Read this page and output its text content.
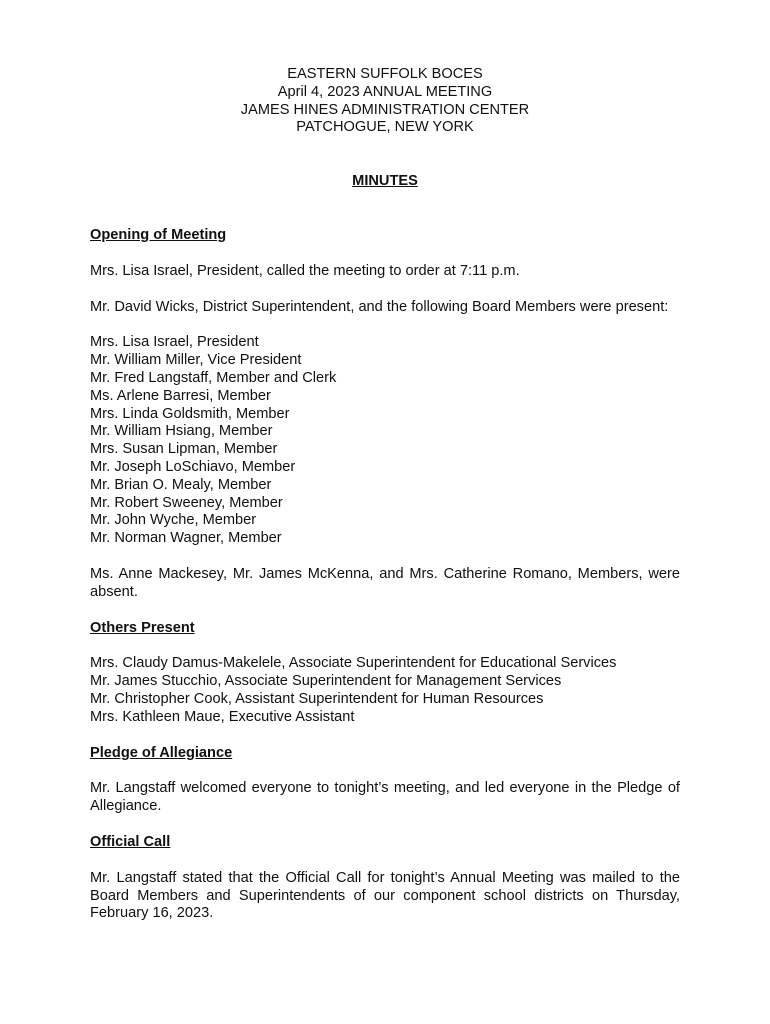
EASTERN SUFFOLK BOCES
April 4, 2023 ANNUAL MEETING
JAMES HINES ADMINISTRATION CENTER
PATCHOGUE, NEW YORK
MINUTES
Opening of Meeting

Mrs. Lisa Israel, President, called the meeting to order at 7:11 p.m.

Mr. David Wicks, District Superintendent, and the following Board Members were present:

Mrs. Lisa Israel, President
Mr. William Miller, Vice President
Mr. Fred Langstaff, Member and Clerk
Ms. Arlene Barresi, Member
Mrs. Linda Goldsmith, Member
Mr. William Hsiang, Member
Mrs. Susan Lipman, Member
Mr. Joseph LoSchiavo, Member
Mr. Brian O. Mealy, Member
Mr. Robert Sweeney, Member
Mr. John Wyche, Member
Mr. Norman Wagner, Member

Ms. Anne Mackesey, Mr. James McKenna, and Mrs. Catherine Romano, Members, were absent.

Others Present
Mrs. Claudy Damus-Makelele, Associate Superintendent for Educational Services
Mr. James Stucchio, Associate Superintendent for Management Services
Mr. Christopher Cook, Assistant Superintendent for Human Resources
Mrs. Kathleen Maue, Executive Assistant
Pledge of Allegiance

Mr. Langstaff welcomed everyone to tonight’s meeting, and led everyone in the Pledge of Allegiance.

Official Call

Mr. Langstaff stated that the Official Call for tonight’s Annual Meeting was mailed to the Board Members and Superintendents of our component school districts on Thursday, February 16, 2023.
